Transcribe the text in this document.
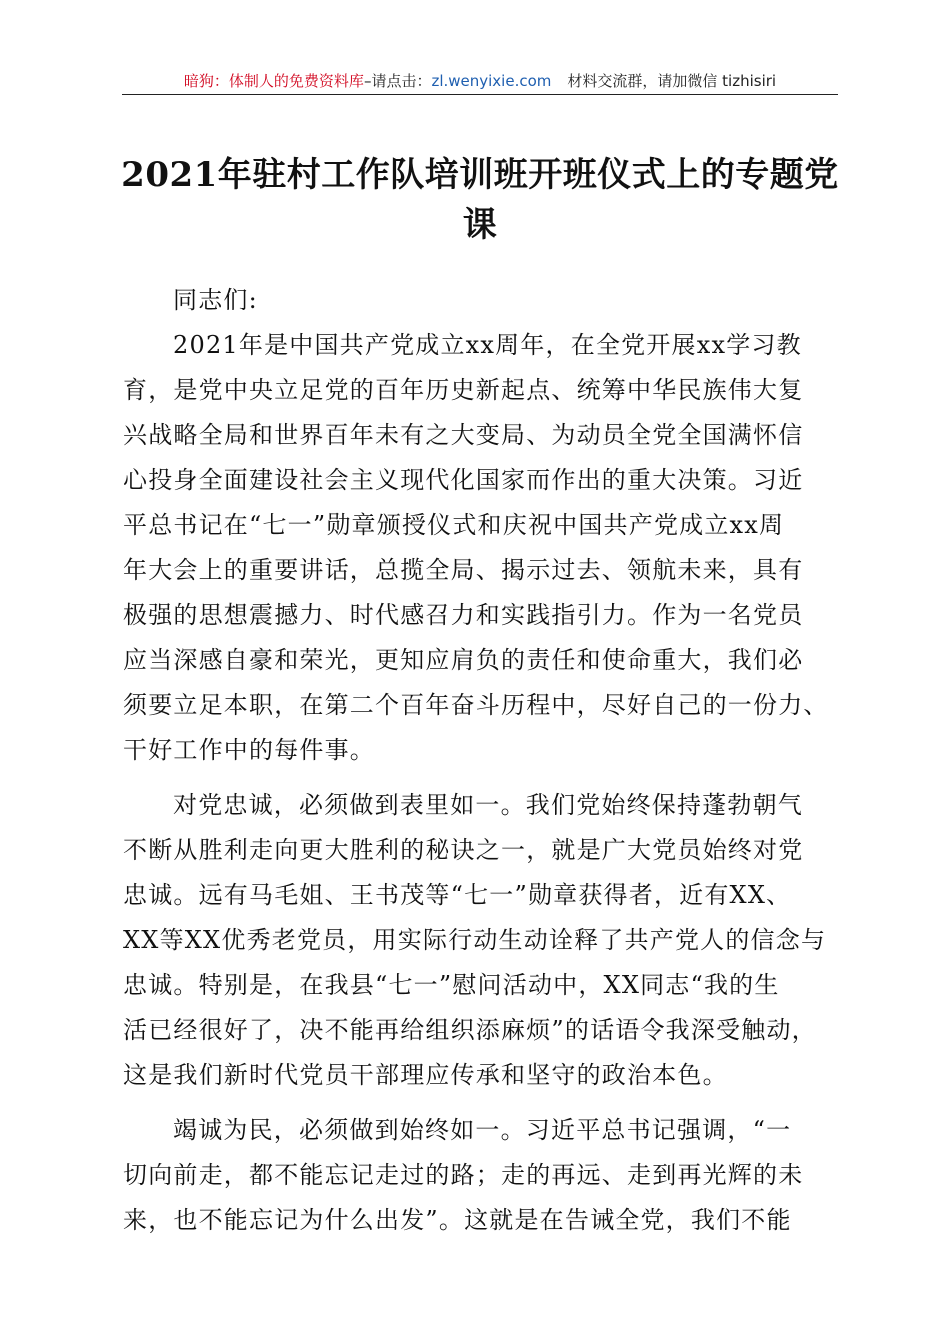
暗狗：体制人的免费资料库–请点击：zl.wenyixie.com 材料交流群，请加微信 tizhisiri
2021年驻村工作队培训班开班仪式上的专题党
课
同志们:
2021年是中国共产党成立xx周年，在全党开展xx学习教
育，是党中央立足党的百年历史新起点、统筹中华民族伟大复
兴战略全局和世界百年未有之大变局、为动员全党全国满怀信
心投身全面建设社会主义现代化国家而作出的重大决策。习近
平总书记在“七一”勋章颁授仪式和庆祝中国共产党成立xx周
年大会上的重要讲话，总揽全局、揭示过去、领航未来，具有
极强的思想震撼力、时代感召力和实践指引力。作为一名党员
应当深感自豪和荣光，更知应肩负的责任和使命重大，我们必
须要立足本职，在第二个百年奋斗历程中，尽好自己的一份力、
干好工作中的每件事。
对党忠诚，必须做到表里如一。我们党始终保持蓬勃朝气
不断从胜利走向更大胜利的秘诀之一，就是广大党员始终对党
忠诚。远有马毛姐、王书茂等“七一”勋章获得者，近有XX、
XX等XX优秀老党员，用实际行动生动诠释了共产党人的信念与
忠诚。特别是，在我县“七一”慰问活动中，XX同志“我的生
活已经很好了，决不能再给组织添麻烦”的话语令我深受触动，
这是我们新时代党员干部理应传承和坚守的政治本色。
竭诚为民，必须做到始终如一。习近平总书记强调，“一
切向前走，都不能忘记走过的路；走的再远、走到再光辉的未
来，也不能忘记为什么出发”。这就是在告诫全党，我们不能
